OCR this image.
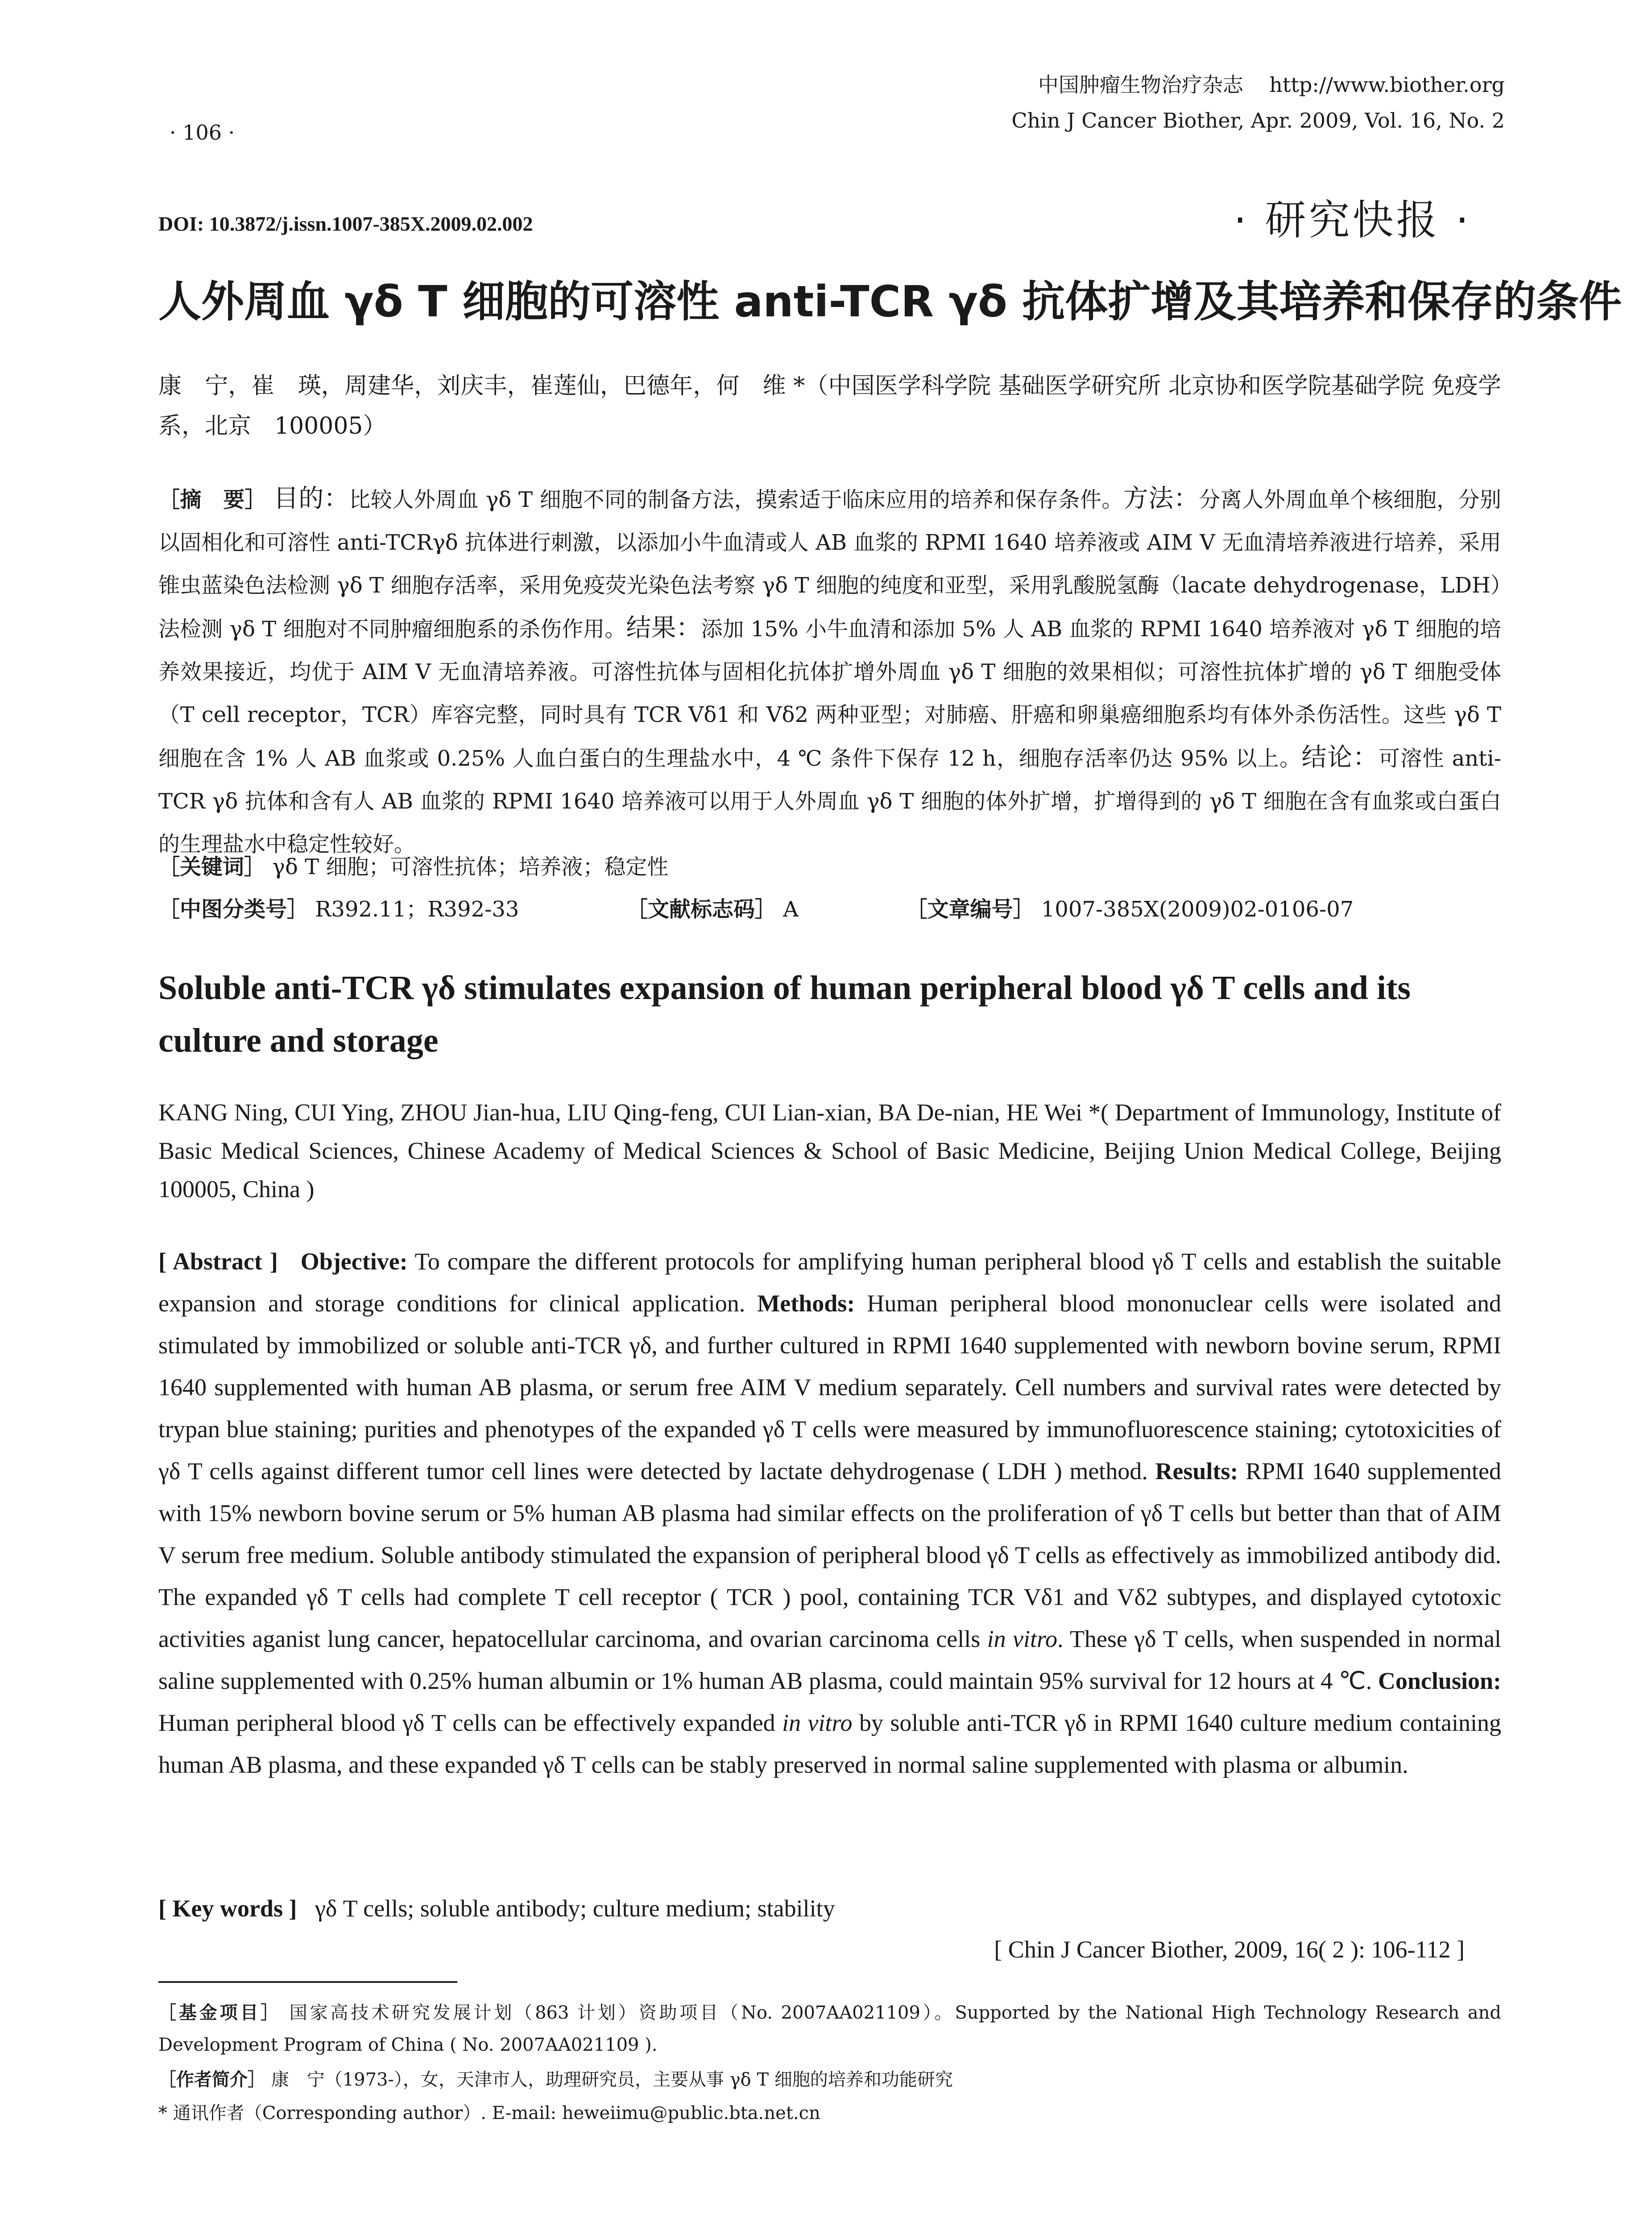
中国肿瘤生物治疗杂志    http://www.biother.org
Chin J Cancer Biother, Apr. 2009, Vol. 16, No. 2
· 106 ·
DOI: 10.3872/j.issn.1007-385X.2009.02.002	· 研究快报 ·
人外周血 γδ T 细胞的可溶性 anti-TCR γδ 抗体扩增及其培养和保存的条件
康　宁，崔　瑛，周建华，刘庆丰，崔莲仙，巴德年，何　维 *（中国医学科学院 基础医学研究所 北京协和医学院基础学院 免疫学系，北京　100005）
［摘　要］ 目的：比较人外周血 γδ T 细胞不同的制备方法，摸索适于临床应用的培养和保存条件。方法：分离人外周血单个核细胞，分别以固相化和可溶性 anti-TCRγδ 抗体进行刺激，以添加小牛血清或人 AB 血浆的 RPMI 1640 培养液或 AIM V 无血清培养液进行培养，采用锥虫蓝染色法检测 γδ T 细胞存活率，采用免疫荧光染色法考察 γδ T 细胞的纯度和亚型，采用乳酸脱氢酶（lacate dehydrogenase，LDH）法检测 γδ T 细胞对不同肿瘤细胞系的杀伤作用。结果：添加 15% 小牛血清和添加 5% 人 AB 血浆的 RPMI 1640 培养液对 γδ T 细胞的培养效果接近，均优于 AIM V 无血清培养液。可溶性抗体与固相化抗体扩增外周血 γδ T 细胞的效果相似；可溶性抗体扩增的 γδ T 细胞受体（T cell receptor，TCR）库容完整，同时具有 TCR Vδ1 和 Vδ2 两种亚型；对肺癌、肝癌和卵巢癌细胞系均有体外杀伤活性。这些 γδ T 细胞在含 1% 人 AB 血浆或 0.25% 人血白蛋白的生理盐水中，4 ℃ 条件下保存 12 h，细胞存活率仍达 95% 以上。结论：可溶性 anti-TCR γδ 抗体和含有人 AB 血浆的 RPMI 1640 培养液可以用于人外周血 γδ T 细胞的体外扩增，扩增得到的 γδ T 细胞在含有血浆或白蛋白的生理盐水中稳定性较好。
［关键词］ γδ T 细胞；可溶性抗体；培养液；稳定性
［中图分类号］ R392.11；R392-33	［文献标志码］ A	［文章编号］ 1007-385X(2009)02-0106-07
Soluble anti-TCR γδ stimulates expansion of human peripheral blood γδ T cells and its culture and storage
KANG Ning, CUI Ying, ZHOU Jian-hua, LIU Qing-feng, CUI Lian-xian, BA De-nian, HE Wei *( Department of Immunology, Institute of Basic Medical Sciences, Chinese Academy of Medical Sciences & School of Basic Medicine, Beijing Union Medical College, Beijing 100005, China )
[ Abstract ] Objective: To compare the different protocols for amplifying human peripheral blood γδ T cells and establish the suitable expansion and storage conditions for clinical application. Methods: Human peripheral blood mononuclear cells were isolated and stimulated by immobilized or soluble anti-TCR γδ, and further cultured in RPMI 1640 supplemented with newborn bovine serum, RPMI 1640 supplemented with human AB plasma, or serum free AIM V medium separately. Cell numbers and survival rates were detected by trypan blue staining; purities and phenotypes of the expanded γδ T cells were measured by immunofluorescence staining; cytotoxicities of γδ T cells against different tumor cell lines were detected by lactate dehydrogenase ( LDH ) method. Results: RPMI 1640 supplemented with 15% newborn bovine serum or 5% human AB plasma had similar effects on the proliferation of γδ T cells but better than that of AIM V serum free medium. Soluble antibody stimulated the expansion of peripheral blood γδ T cells as effectively as immobilized antibody did. The expanded γδ T cells had complete T cell receptor ( TCR ) pool, containing TCR Vδ1 and Vδ2 subtypes, and displayed cytotoxic activities aganist lung cancer, hepatocellular carcinoma, and ovarian carcinoma cells in vitro. These γδ T cells, when suspended in normal saline supplemented with 0.25% human albumin or 1% human AB plasma, could maintain 95% survival for 12 hours at 4 ℃. Conclusion: Human peripheral blood γδ T cells can be effectively expanded in vitro by soluble anti-TCR γδ in RPMI 1640 culture medium containing human AB plasma, and these expanded γδ T cells can be stably preserved in normal saline supplemented with plasma or albumin.
[ Key words ] γδ T cells; soluble antibody; culture medium; stability
[ Chin J Cancer Biother, 2009, 16( 2 ): 106-112 ]
［基金项目］ 国家高技术研究发展计划（863 计划）资助项目（No. 2007AA021109）。Supported by the National High Technology Research and Development Program of China ( No. 2007AA021109 ).
［作者简介］ 康　宁（1973-），女，天津市人，助理研究员，主要从事 γδ T 细胞的培养和功能研究
* 通讯作者（Corresponding author）. E-mail: heweiimu@public.bta.net.cn
